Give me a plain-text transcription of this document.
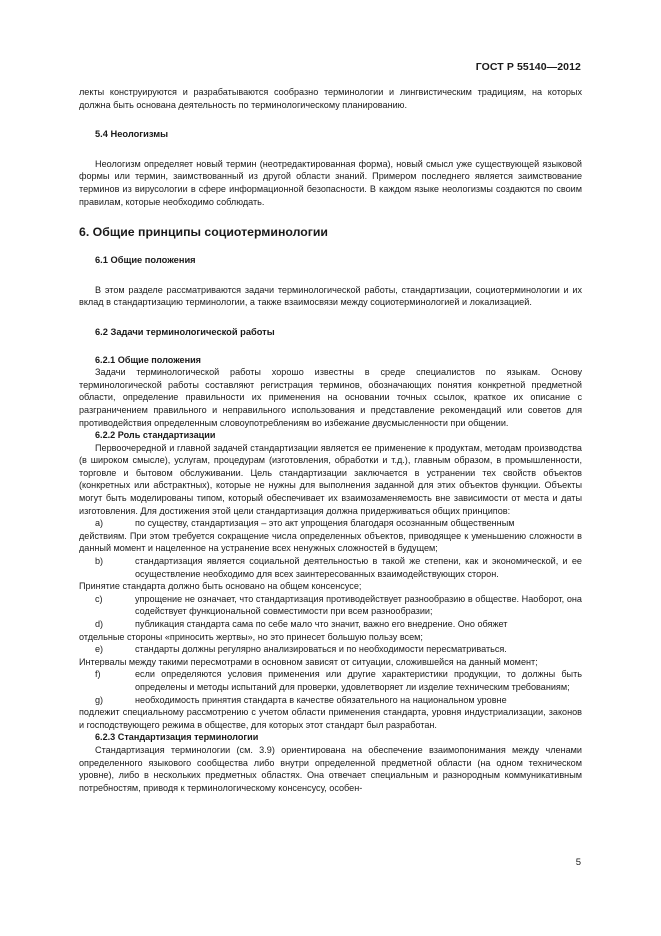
ГОСТ Р 55140—2012

лекты конструируются и разрабатываются сообразно терминологии и лингвистическим традициям, на которых должна быть основана деятельность по терминологическому планированию.

5.4 Неологизмы

Неологизм определяет новый термин (неотредактированная форма), новый смысл уже существующей языковой формы или термин, заимствованный из другой области знаний. Примером последнего является заимствование терминов из вирусологии в сфере информационной безопасности. В каждом языке неологизмы создаются по своим правилам, которые необходимо соблюдать.

6. Общие принципы социотерминологии

6.1 Общие положения

В этом разделе рассматриваются задачи терминологической работы, стандартизации, социотерминологии и их вклад в стандартизацию терминологии, а также взаимосвязи между социотерминологией и локализацией.

6.2 Задачи терминологической работы

6.2.1 Общие положения

Задачи терминологической работы хорошо известны в среде специалистов по языкам. Основу терминологической работы составляют регистрация терминов, обозначающих понятия конкретной предметной области, определение правильности их применения на основании точных ссылок, краткое их описание с разграничением правильного и неправильного использования и представление рекомендаций или советов для противодействия определенным словоупотреблениям во избежание двусмысленности при общении.

6.2.2 Роль стандартизации

Первоочередной и главной задачей стандартизации является ее применение к продуктам, методам производства (в широком смысле), услугам, процедурам (изготовления, обработки и т.д.), главным образом, в промышленности, торговле и бытовом обслуживании. Цель стандартизации заключается в устранении тех свойств объектов (конкретных или абстрактных), которые не нужны для выполнения заданной для этих объектов функции. Объекты могут быть моделированы типом, который обеспечивает их взаимозаменяемость вне зависимости от места и даты изготовления. Для достижения этой цели стандартизация должна придерживаться общих принципов:

a)	по существу, стандартизация – это акт упрощения благодаря осознанным общественным
действиям. При этом требуется сокращение числа определенных объектов, приводящее к уменьшению сложности в данный момент и нацеленное на устранение всех ненужных сложностей в будущем;
b)	стандартизация является социальной деятельностью в такой же степени, как и экономической, и ее осуществление необходимо для всех заинтересованных взаимодействующих сторон.
Принятие стандарта должно быть основано на общем консенсусе;
c)	упрощение не означает, что стандартизация противодействует разнообразию в обществе. Наоборот, она содействует функциональной совместимости при всем разнообразии;
d)	публикация стандарта сама по себе мало что значит, важно его внедрение. Оно обяжет
отдельные стороны «приносить жертвы», но это принесет большую пользу всем;
e)	стандарты должны регулярно анализироваться и по необходимости пересматриваться.
Интервалы между такими пересмотрами в основном зависят от ситуации, сложившейся на данный момент;
f)	если определяются условия применения или другие характеристики продукции, то должны быть определены и методы испытаний для проверки, удовлетворяет ли изделие техническим требованиям;
g)	необходимость принятия стандарта в качестве обязательного на национальном уровне
подлежит специальному рассмотрению с учетом области применения стандарта, уровня индустриализации, законов и господствующего режима в обществе, для которых этот стандарт был разработан.

6.2.3 Стандартизация терминологии

Стандартизация терминологии (см. 3.9) ориентирована на обеспечение взаимопонимания между членами определенного языкового сообщества либо внутри определенной предметной области (на одном техническом уровне), либо в нескольких предметных областях. Она отвечает специальным и разнородным коммуникативным потребностям, приводя к терминологическому консенсусу, особен-

5
